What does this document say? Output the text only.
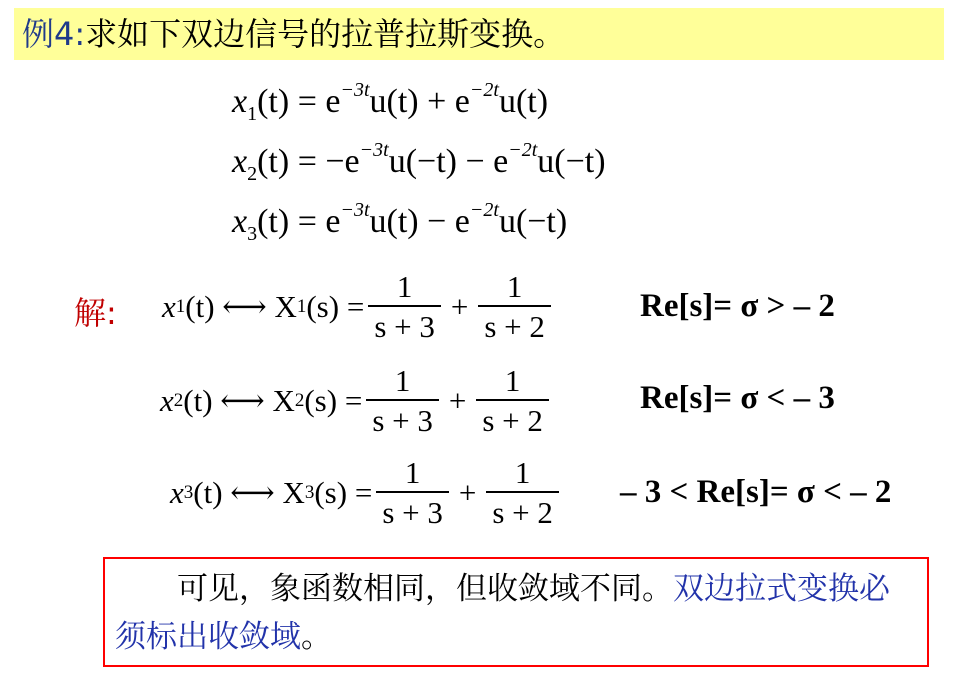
例4:求如下双边信号的拉普拉斯变换。
$x_1(t) = e^{-3t}u(t) + e^{-2t}u(t)$
$x_2(t) = -e^{-3t}u(-t) - e^{-2t}u(-t)$
$x_3(t) = e^{-3t}u(t) - e^{-2t}u(-t)$
解: x 1 (t) ⟷ X 1 $(s) = \frac{1}{s + 3} + \frac{1}{s + 2}$	Re[s]= σ > – 2
x 2 (t) ⟷ X 2 $(s) = \frac{1}{s + 3} + \frac{1}{s + 2}$	Re[s]= σ < – 3
x 3 (t) ⟷ X 3 $(s) = \frac{1}{s + 3} + \frac{1}{s + 2} - 3 < Re[s]= \sigma$ < – 2
　　可见，象函数相同，但收敛域不同。双边拉式变换必须标出收敛域。
